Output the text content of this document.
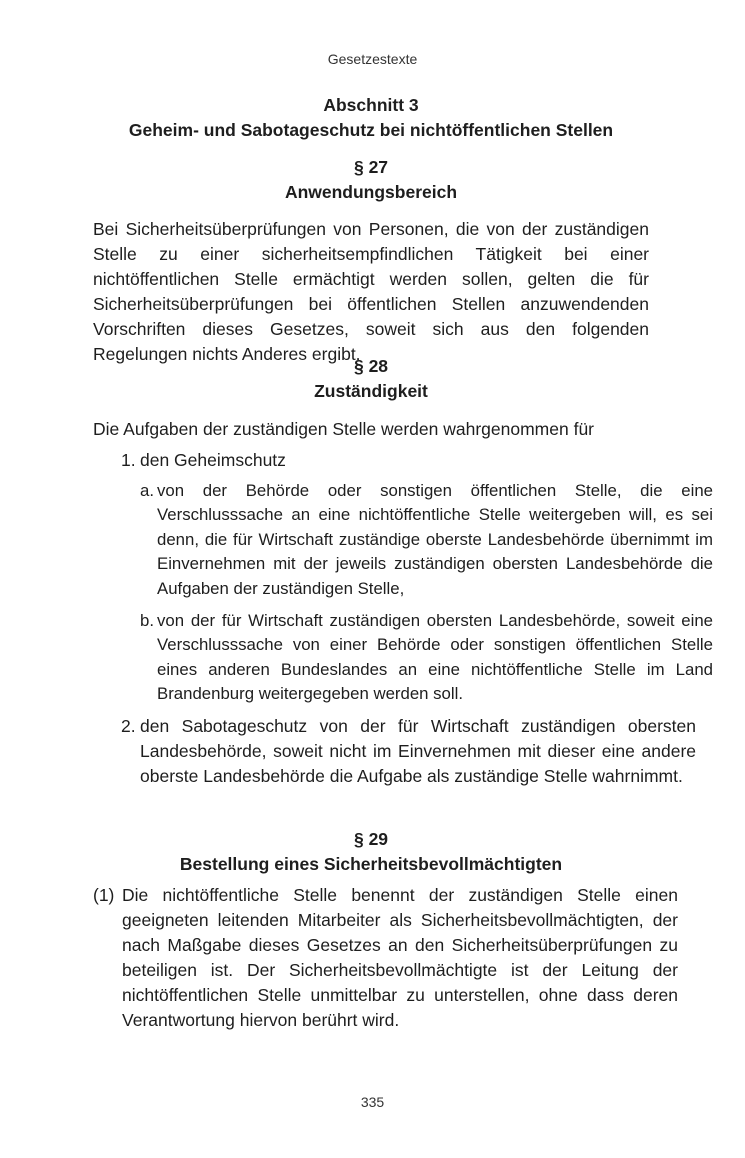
Gesetzestexte
Abschnitt 3
Geheim- und Sabotageschutz bei nichtöffentlichen Stellen
§ 27
Anwendungsbereich

Bei Sicherheitsüberprüfungen von Personen, die von der zuständigen Stelle zu einer sicherheitsempfindlichen Tätigkeit bei einer nichtöffentlichen Stelle ermächtigt werden sollen, gelten die für Sicherheitsüberprüfungen bei öffentlichen Stellen anzuwendenden Vorschriften dieses Gesetzes, soweit sich aus den folgenden Regelungen nichts Anderes ergibt.

§ 28
Zuständigkeit

Die Aufgaben der zuständigen Stelle werden wahrgenommen für

1. den Geheimschutz
a. von der Behörde oder sonstigen öffentlichen Stelle, die eine Verschlusssache an eine nichtöffentliche Stelle weitergeben will, es sei denn, die für Wirtschaft zuständige oberste Landesbehörde übernimmt im Einvernehmen mit der jeweils zuständigen obersten Landesbehörde die Aufgaben der zuständigen Stelle,
b. von der für Wirtschaft zuständigen obersten Landesbehörde, soweit eine Verschlusssache von einer Behörde oder sonstigen öffentlichen Stelle eines anderen Bundeslandes an eine nichtöffentliche Stelle im Land Brandenburg weitergegeben werden soll.
2. den Sabotageschutz von der für Wirtschaft zuständigen obersten Landesbehörde, soweit nicht im Einvernehmen mit dieser eine andere oberste Landesbehörde die Aufgabe als zuständige Stelle wahrnimmt.
§ 29
Bestellung eines Sicherheitsbevollmächtigten
(1) Die nichtöffentliche Stelle benennt der zuständigen Stelle einen geeigneten leitenden Mitarbeiter als Sicherheitsbevollmächtigten, der nach Maßgabe dieses Gesetzes an den Sicherheitsüberprüfungen zu beteiligen ist. Der Sicherheitsbevollmächtigte ist der Leitung der nichtöffentlichen Stelle unmittelbar zu unterstellen, ohne dass deren Verantwortung hiervon berührt wird.
335
